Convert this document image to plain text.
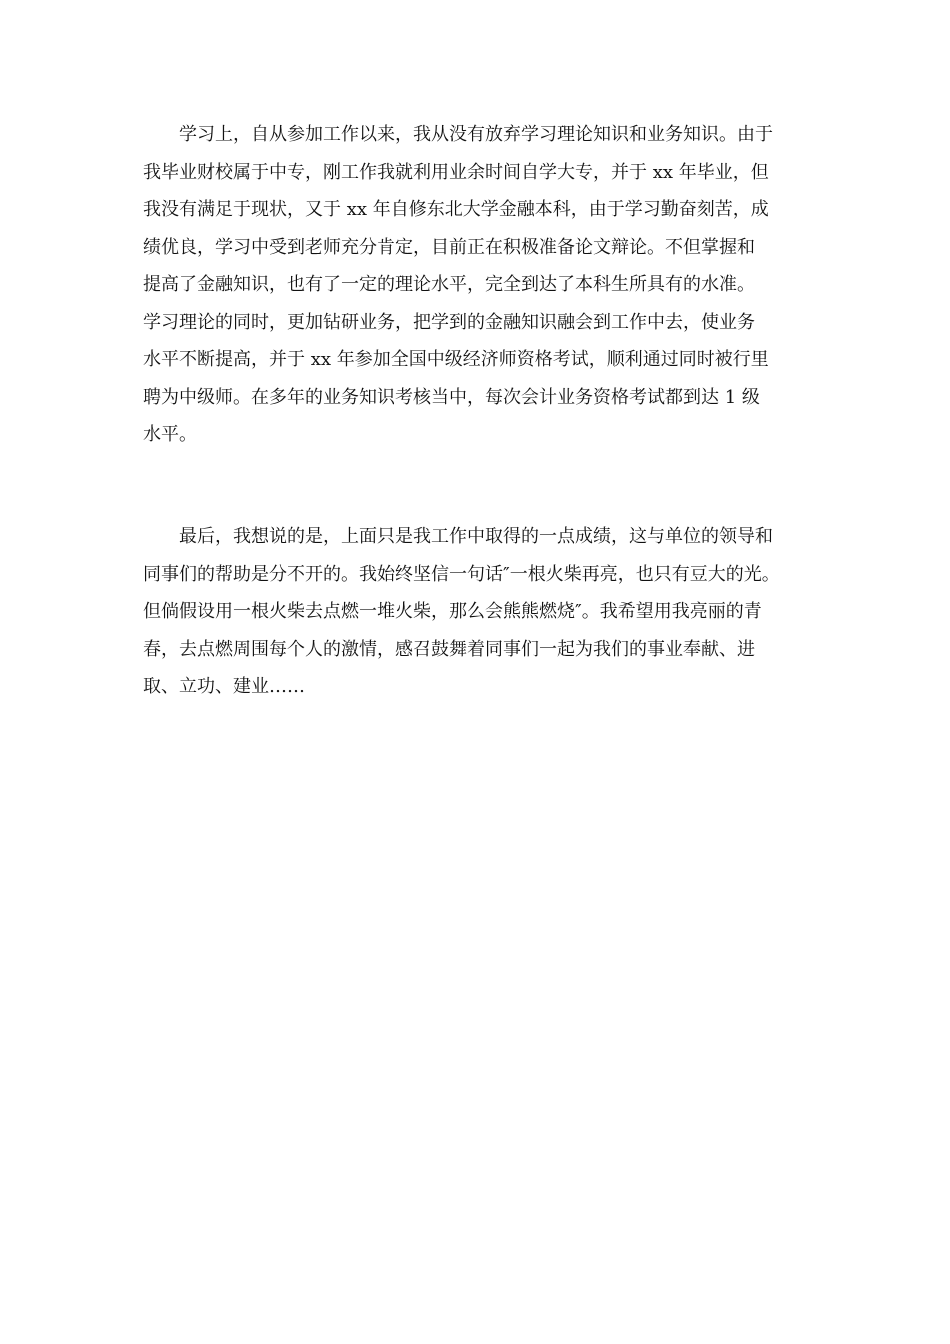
　　学习上，自从参加工作以来，我从没有放弃学习理论知识和业务知识。由于
我毕业财校属于中专，刚工作我就利用业余时间自学大专，并于 xx 年毕业，但
我没有满足于现状，又于 xx 年自修东北大学金融本科，由于学习勤奋刻苦，成
绩优良，学习中受到老师充分肯定，目前正在积极准备论文辩论。不但掌握和
提高了金融知识，也有了一定的理论水平，完全到达了本科生所具有的水准。
学习理论的同时，更加钻研业务，把学到的金融知识融会到工作中去，使业务
水平不断提高，并于 xx 年参加全国中级经济师资格考试，顺利通过同时被行里
聘为中级师。在多年的业务知识考核当中，每次会计业务资格考试都到达 1 级
水平。
　　最后，我想说的是，上面只是我工作中取得的一点成绩，这与单位的领导和
同事们的帮助是分不开的。我始终坚信一句话″一根火柴再亮，也只有豆大的光。
但倘假设用一根火柴去点燃一堆火柴，那么会熊熊燃烧″。我希望用我亮丽的青
春，去点燃周围每个人的激情，感召鼓舞着同事们一起为我们的事业奉献、进
取、立功、建业……
